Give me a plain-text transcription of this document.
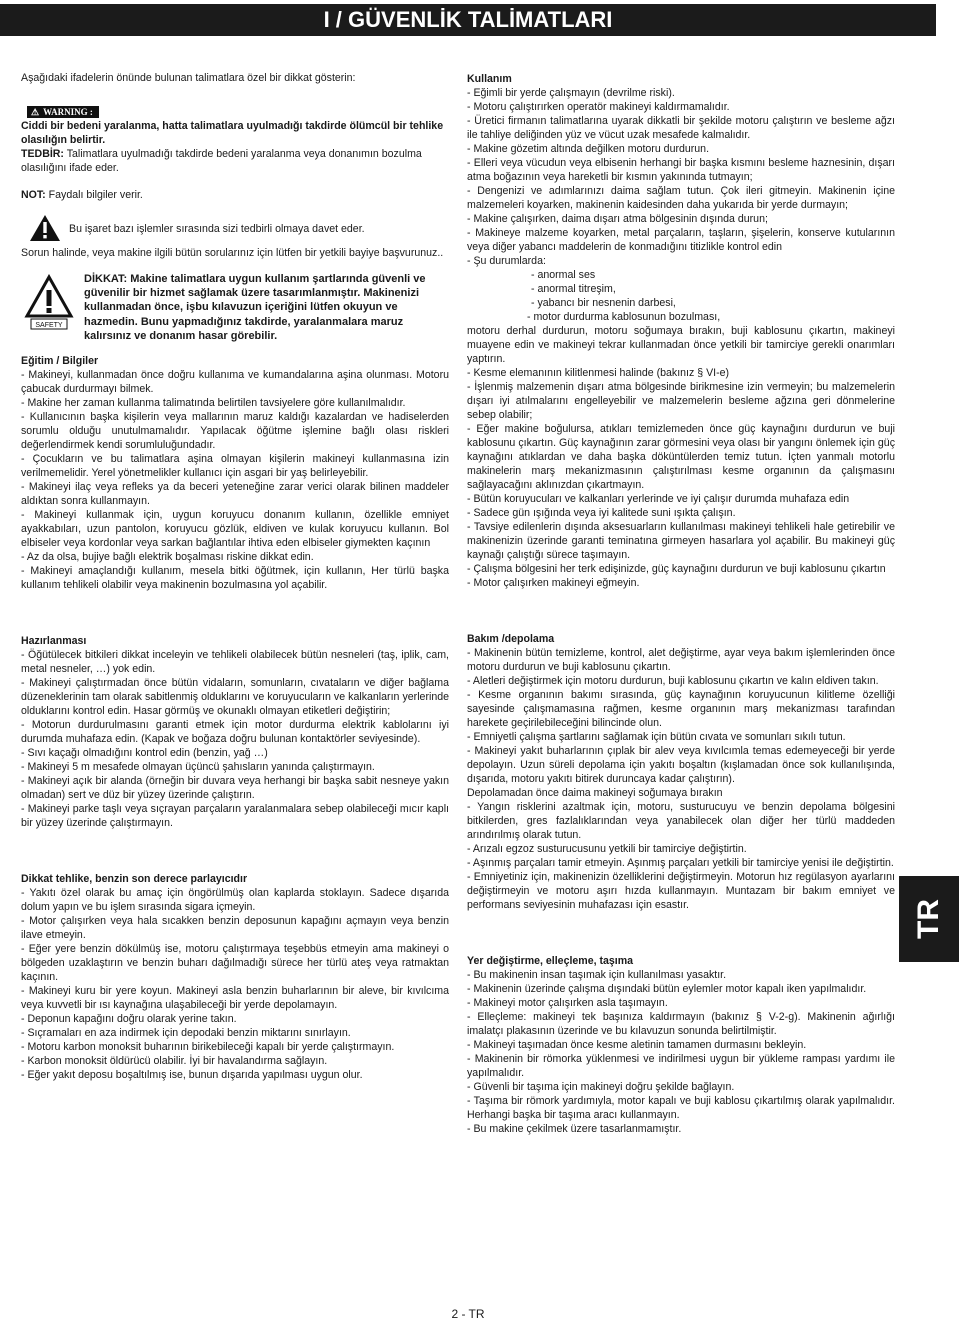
I / GÜVENLİK TALİMATLARI

Aşağıdaki ifadelerin önünde bulunan talimatlara özel bir dikkat gösterin:

⚠ WARNING :

Ciddi bir bedeni yaralanma, hatta talimatlara uyulmadığı takdirde ölümcül bir tehlike olasılığın belirtir.

TEDBİR: Talimatlara uyulmadığı takdirde bedeni yaralanma veya donanımın bozulma olasılığını ifade eder.

NOT: Faydalı bilgiler verir.

Bu işaret bazı işlemler sırasında sizi tedbirli olmaya davet eder.

Sorun halinde, veya makine ilgili bütün sorularınız için lütfen bir yetkili bayiye başvurunuz..

SAFETY

DİKKAT: Makine talimatlara uygun kullanım şartlarında güvenli ve güvenilir bir hizmet sağlamak üzere tasarımlanmıştır. Makinenizi kullanmadan önce, işbu kılavuzun içeriğini lütfen okuyun ve hazmedin. Bunu yapmadığınız takdirde, yaralanmalara maruz kalırsınız ve donanım hasar görebilir.

Eğitim / Bilgiler

- Makineyi, kullanmadan önce doğru kullanıma ve kumandalarına aşina olunması. Motoru çabucak durdurmayı bilmek.

- Makine her zaman kullanma talimatında belirtilen tavsiyelere göre kullanılmalıdır.

- Kullanıcının başka kişilerin veya mallarının maruz kaldığı kazalardan ve hadiselerden sorumlu olduğu unutulmamalıdır. Yapılacak öğütme işlemine bağlı olası riskleri değerlendirmek kendi sorumluluğundadır.

- Çocukların ve bu talimatlara aşina olmayan kişilerin makineyi kullanmasına izin verilmemelidir. Yerel yönetmelikler kullanıcı için asgari bir yaş belirleyebilir.

- Makineyi ilaç veya refleks ya da beceri yeteneğine zarar verici olarak bilinen maddeler aldıktan sonra kullanmayın.

- Makineyi kullanmak için, uygun koruyucu donanım kullanın, özellikle emniyet ayakkabıları, uzun pantolon, koruyucu gözlük, eldiven ve kulak koruyucu kullanın. Bol elbiseler veya kordonlar veya sarkan bağlantılar ihtiva eden elbiseler giymekten kaçının

- Az da olsa, bujiye bağlı elektrik boşalması riskine dikkat edin.

- Makineyi amaçlandığı kullanım, mesela bitki öğütmek, için kullanın, Her türlü başka kullanım tehlikeli olabilir veya makinenin bozulmasına yol açabilir.

Hazırlanması

- Öğütülecek bitkileri dikkat inceleyin ve tehlikeli olabilecek bütün nesneleri (taş, iplik, cam, metal nesneler, …) yok edin.

- Makineyi çalıştırmadan önce bütün vidaların, somunların, cıvataların ve diğer bağlama düzeneklerinin tam olarak sabitlenmiş olduklarını ve koruyucuların ve kalkanların yerlerinde olduklarını kontrol edin. Hasar görmüş ve okunaklı olmayan etiketleri değiştirin;

- Motorun durdurulmasını garanti etmek için motor durdurma elektrik kablolarını iyi durumda muhafaza edin. (Kapak ve boğaza doğru bulunan kontaktörler seviyesinde).

- Sıvı kaçağı olmadığını kontrol edin (benzin, yağ …)

- Makineyi 5 m mesafede olmayan üçüncü şahısların yanında çalıştırmayın.

- Makineyi açık bir alanda (örneğin bir duvara veya herhangi bir başka sabit nesneye yakın olmadan) sert ve düz bir yüzey üzerinde çalıştırın.

- Makineyi parke taşlı veya sıçrayan parçaların yaralanmalara sebep olabileceği mıcır kaplı bir yüzey üzerinde çalıştırmayın.

Dikkat tehlike, benzin son derece parlayıcıdır

- Yakıtı özel olarak bu amaç için öngörülmüş olan kaplarda stoklayın. Sadece dışarıda dolum yapın ve bu işlem sırasında sigara içmeyin.

- Motor çalışırken veya hala sıcakken benzin deposunun kapağını açmayın veya benzin ilave etmeyin.

- Eğer yere benzin dökülmüş ise, motoru çalıştırmaya teşebbüs etmeyin ama makineyi o bölgeden uzaklaştırın ve benzin buharı dağılmadığı sürece her türlü ateş veya ratmaktan kaçının.

- Makineyi kuru bir yere koyun. Makineyi asla benzin buharlarının bir aleve, bir kıvılcıma veya kuvvetli bir ısı kaynağına ulaşabileceği bir yerde depolamayın.

- Deponun kapağını doğru olarak yerine takın.

- Sıçramaları en aza indirmek için depodaki benzin miktarını sınırlayın.

- Motoru karbon monoksit buharının birikebileceği kapalı bir yerde çalıştırmayın.

- Karbon monoksit öldürücü olabilir. İyi bir havalandırma sağlayın.

- Eğer yakıt deposu boşaltılmış ise, bunun dışarıda yapılması uygun olur.

Kullanım

- Eğimli bir yerde çalışmayın (devrilme riski).

- Motoru çalıştırırken operatör makineyi kaldırmamalıdır.

- Üretici firmanın talimatlarına uyarak dikkatli bir şekilde motoru çalıştırın ve besleme ağzı ile tahliye deliğinden yüz ve vücut uzak mesafede kalmalıdır.

- Makine gözetim altında değilken motoru durdurun.

- Elleri veya vücudun veya elbisenin herhangi bir başka kısmını besleme haznesinin, dışarı atma boğazının veya hareketli bir kısmın yakınında tutmayın;

- Dengenizi ve adımlarınızı daima sağlam tutun. Çok ileri gitmeyin. Makinenin içine malzemeleri koyarken, makinenin kaidesinden daha yukarıda bir yerde durmayın;

- Makine çalışırken, daima dışarı atma bölgesinin dışında durun;

- Makineye malzeme koyarken, metal parçaların, taşların, şişelerin, konserve kutularının veya diğer yabancı maddelerin de konmadığını titizlikle kontrol edin

- Şu durumlarda:

- anormal ses

- anormal titreşim,

- yabancı bir nesnenin darbesi,

- motor durdurma kablosunun bozulması,

motoru derhal durdurun, motoru soğumaya bırakın, buji kablosunu çıkartın, makineyi muayene edin ve makineyi tekrar kullanmadan önce yetkili bir tamirciye gerekli onarımları yaptırın.

- Kesme elemanının kilitlenmesi halinde (bakınız § VI-e)

- İşlenmiş malzemenin dışarı atma bölgesinde birikmesine izin vermeyin; bu malzemelerin dışarı iyi atılmalarını engelleyebilir ve malzemelerin besleme ağzına geri dönmelerine sebep olabilir;

- Eğer makine boğulursa, atıkları temizlemeden önce güç kaynağını durdurun ve buji kablosunu çıkartın. Güç kaynağının zarar görmesini veya olası bir yangını önlemek için güç kaynağını atıklardan ve daha başka döküntülerden temiz tutun. İçten yanmalı motorlu makinelerin marş mekanizmasının çalıştırılması kesme organının da çalışmasını sağlayacağını aklınızdan çıkartmayın.

- Bütün koruyucuları ve kalkanları yerlerinde ve iyi çalışır durumda muhafaza edin

- Sadece gün ışığında veya iyi kalitede suni ışıkta çalışın.

- Tavsiye edilenlerin dışında aksesuarların kullanılması makineyi tehlikeli hale getirebilir ve makinenizin üzerinde garanti teminatına girmeyen hasarlara yol açabilir. Bu makineyi güç kaynağı çalıştığı sürece taşımayın.

- Çalışma bölgesini her terk edişinizde, güç kaynağını durdurun ve buji kablosunu çıkartın

- Motor çalışırken makineyi eğmeyin.

Bakım /depolama

- Makinenin bütün temizleme, kontrol, alet değiştirme, ayar veya bakım işlemlerinden önce motoru durdurun ve buji kablosunu çıkartın.

- Aletleri değiştirmek için motoru durdurun, buji kablosunu çıkartın ve kalın eldiven takın.

- Kesme organının bakımı sırasında, güç kaynağının koruyucunun kilitleme özelliği sayesinde çalışmamasına rağmen, kesme organının marş mekanizması tarafından harekete geçirilebileceğini bilincinde olun.

- Emniyetli çalışma şartlarını sağlamak için bütün cıvata ve somunları sıkılı tutun.

- Makineyi yakıt buharlarının çıplak bir alev veya kıvılcımla temas edemeyeceği bir yerde depolayın. Uzun süreli depolama için yakıtı boşaltın (kışlamadan önce sok kullanılışında, dışarıda, motoru yakıtı bitirek duruncaya kadar çalıştırın).

Depolamadan önce daima makineyi soğumaya bırakın

- Yangın risklerini azaltmak için, motoru, susturucuyu ve benzin depolama bölgesini bitkilerden, gres fazlalıklarından veya yanabilecek olan diğer her türlü maddeden arındırılmış olarak tutun.

- Arızalı egzoz susturucusunu yetkili bir tamirciye değiştirtin.

- Aşınmış parçaları tamir etmeyin. Aşınmış parçaları yetkili bir tamirciye yenisi ile değiştirtin.

- Emniyetiniz için, makinenizin özelliklerini değiştirmeyin. Motorun hız regülasyon ayarlarını değiştirmeyin ve motoru aşırı hızda kullanmayın. Muntazam bir bakım emniyet ve performans seviyesinin muhafazası için esastır.

Yer değiştirme, elleçleme, taşıma

- Bu makinenin insan taşımak için kullanılması yasaktır.

- Makinenin üzerinde çalışma dışındaki bütün eylemler motor kapalı iken yapılmalıdır.

- Makineyi motor çalışırken asla taşımayın.

- Elleçleme: makineyi tek başınıza kaldırmayın (bakınız § V-2-g). Makinenin ağırlığı imalatçı plakasının üzerinde ve bu kılavuzun sonunda belirtilmiştir.

- Makineyi taşımadan önce kesme aletinin tamamen durmasını bekleyin.

- Makinenin bir römorka yüklenmesi ve indirilmesi uygun bir yükleme rampası yardımı ile yapılmalıdır.

- Güvenli bir taşıma için makineyi doğru şekilde bağlayın.

- Taşıma bir römork yardımıyla, motor kapalı ve buji kablosu çıkartılmış olarak yapılmalıdır. Herhangi başka bir taşıma aracı kullanmayın.

- Bu makine çekilmek üzere tasarlanmamıştır.

TR
2 - TR
